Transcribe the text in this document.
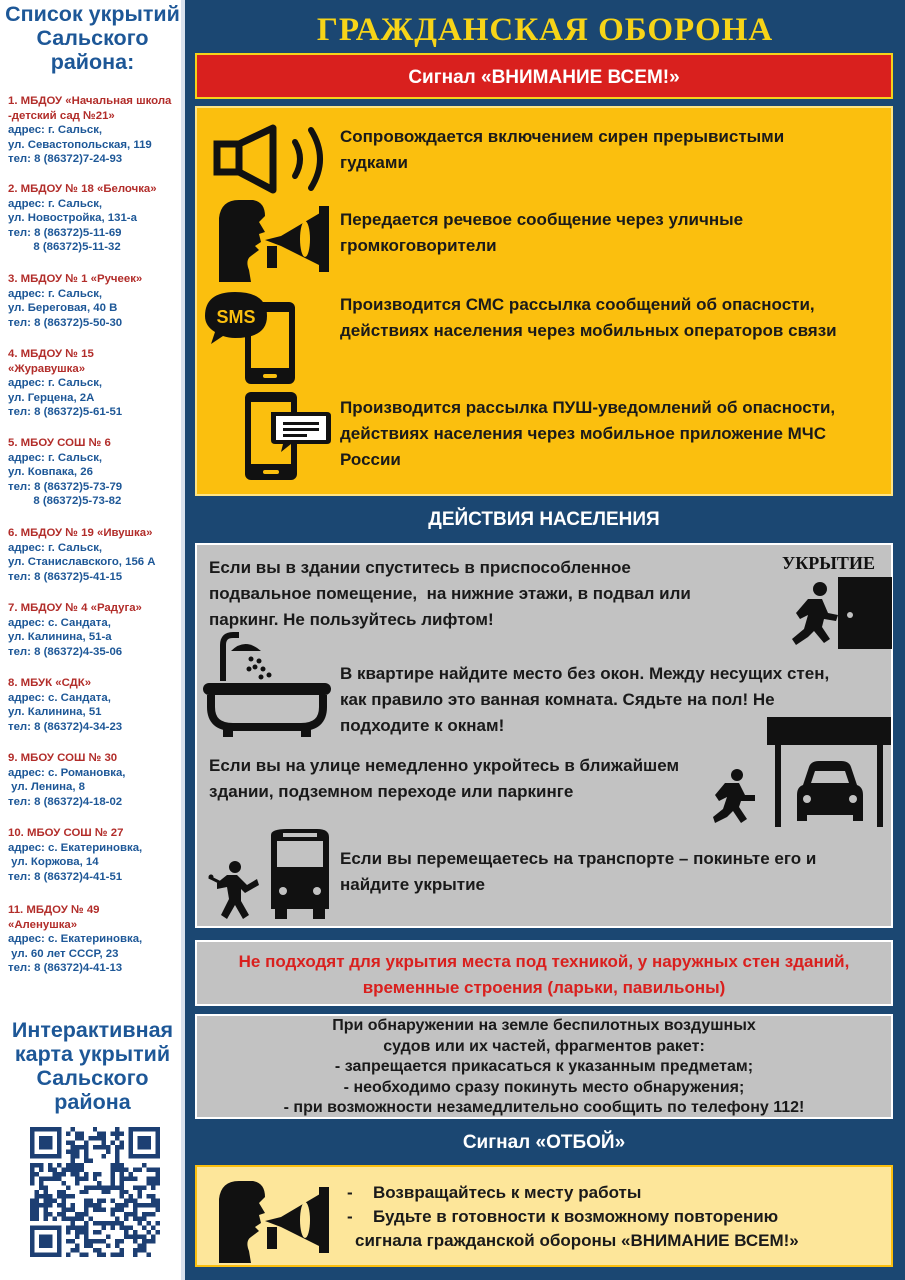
Список укрытий
Сальского
района:
1. МБДОУ «Начальная школа
-детский сад №21»
адрес: г. Сальск,
ул. Севастопольская, 119
тел: 8 (86372)7-24-93
2. МБДОУ № 18 «Белочка»
адрес: г. Сальск,
ул. Новостройка, 131-а
тел: 8 (86372)5-11-69
8 (86372)5-11-32
3. МБДОУ № 1 «Ручеек»
адрес: г. Сальск,
ул. Береговая, 40 В
тел: 8 (86372)5-50-30
4. МБДОУ № 15
«Журавушка»
адрес: г. Сальск,
ул. Герцена, 2А
тел: 8 (86372)5-61-51
5. МБОУ СОШ № 6
адрес: г. Сальск,
ул. Ковпака, 26
тел: 8 (86372)5-73-79
8 (86372)5-73-82
6. МБДОУ № 19 «Ивушка»
адрес: г. Сальск,
ул. Станиславского, 156 А
тел: 8 (86372)5-41-15
7. МБДОУ № 4 «Радуга»
адрес: с. Сандата,
ул. Калинина, 51-а
тел: 8 (86372)4-35-06
8. МБУК «СДК»
адрес: с. Сандата,
ул. Калинина, 51
тел: 8 (86372)4-34-23
9. МБОУ СОШ № 30
адрес: с. Романовка,
ул. Ленина, 8
тел: 8 (86372)4-18-02
10. МБОУ СОШ № 27
адрес: с. Екатериновка,
ул. Коржова, 14
тел: 8 (86372)4-41-51
11. МБДОУ № 49
«Аленушка»
адрес: с. Екатериновка,
ул. 60 лет СССР, 23
тел: 8 (86372)4-41-13
Интерактивная
карта укрытий
Сальского
района
ГРАЖДАНСКАЯ ОБОРОНА
Сигнал «ВНИМАНИЕ ВСЕМ!»
Сопровождается включением сирен прерывистыми
гудками
Передается речевое сообщение через уличные
громкоговорители
SMS
Производится СМС рассылка сообщений об опасности,
действиях населения через мобильных операторов связи
Производится рассылка ПУШ-уведомлений об опасности,
действиях населения через мобильное приложение МЧС
России
ДЕЙСТВИЯ НАСЕЛЕНИЯ
Если вы в здании спуститесь в приспособленное
подвальное помещение,  на нижние этажи, в подвал или
паркинг. Не пользуйтесь лифтом!
УКРЫТИЕ
В квартире найдите место без окон. Между несущих стен,
как правило это ванная комната. Сядьте на пол! Не
подходите к окнам!
Если вы на улице немедленно укройтесь в ближайшем
здании, подземном переходе или паркинге
Если вы перемещаетесь на транспорте – покиньте его и
найдите укрытие
Не подходят для укрытия места под техникой, у наружных стен зданий,
временные строения (ларьки, павильоны)
При обнаружении на земле беспилотных воздушных
судов или их частей, фрагментов ракет:
- запрещается прикасаться к указанным предметам;
- необходимо сразу покинуть место обнаружения;
- при возможности незамедлительно сообщить по телефону 112!
Сигнал «ОТБОЙ»
- Возвращайтесь к месту работы
- Будьте в готовности к возможному повторению
сигнала гражданской обороны «ВНИМАНИЕ ВСЕМ!»
